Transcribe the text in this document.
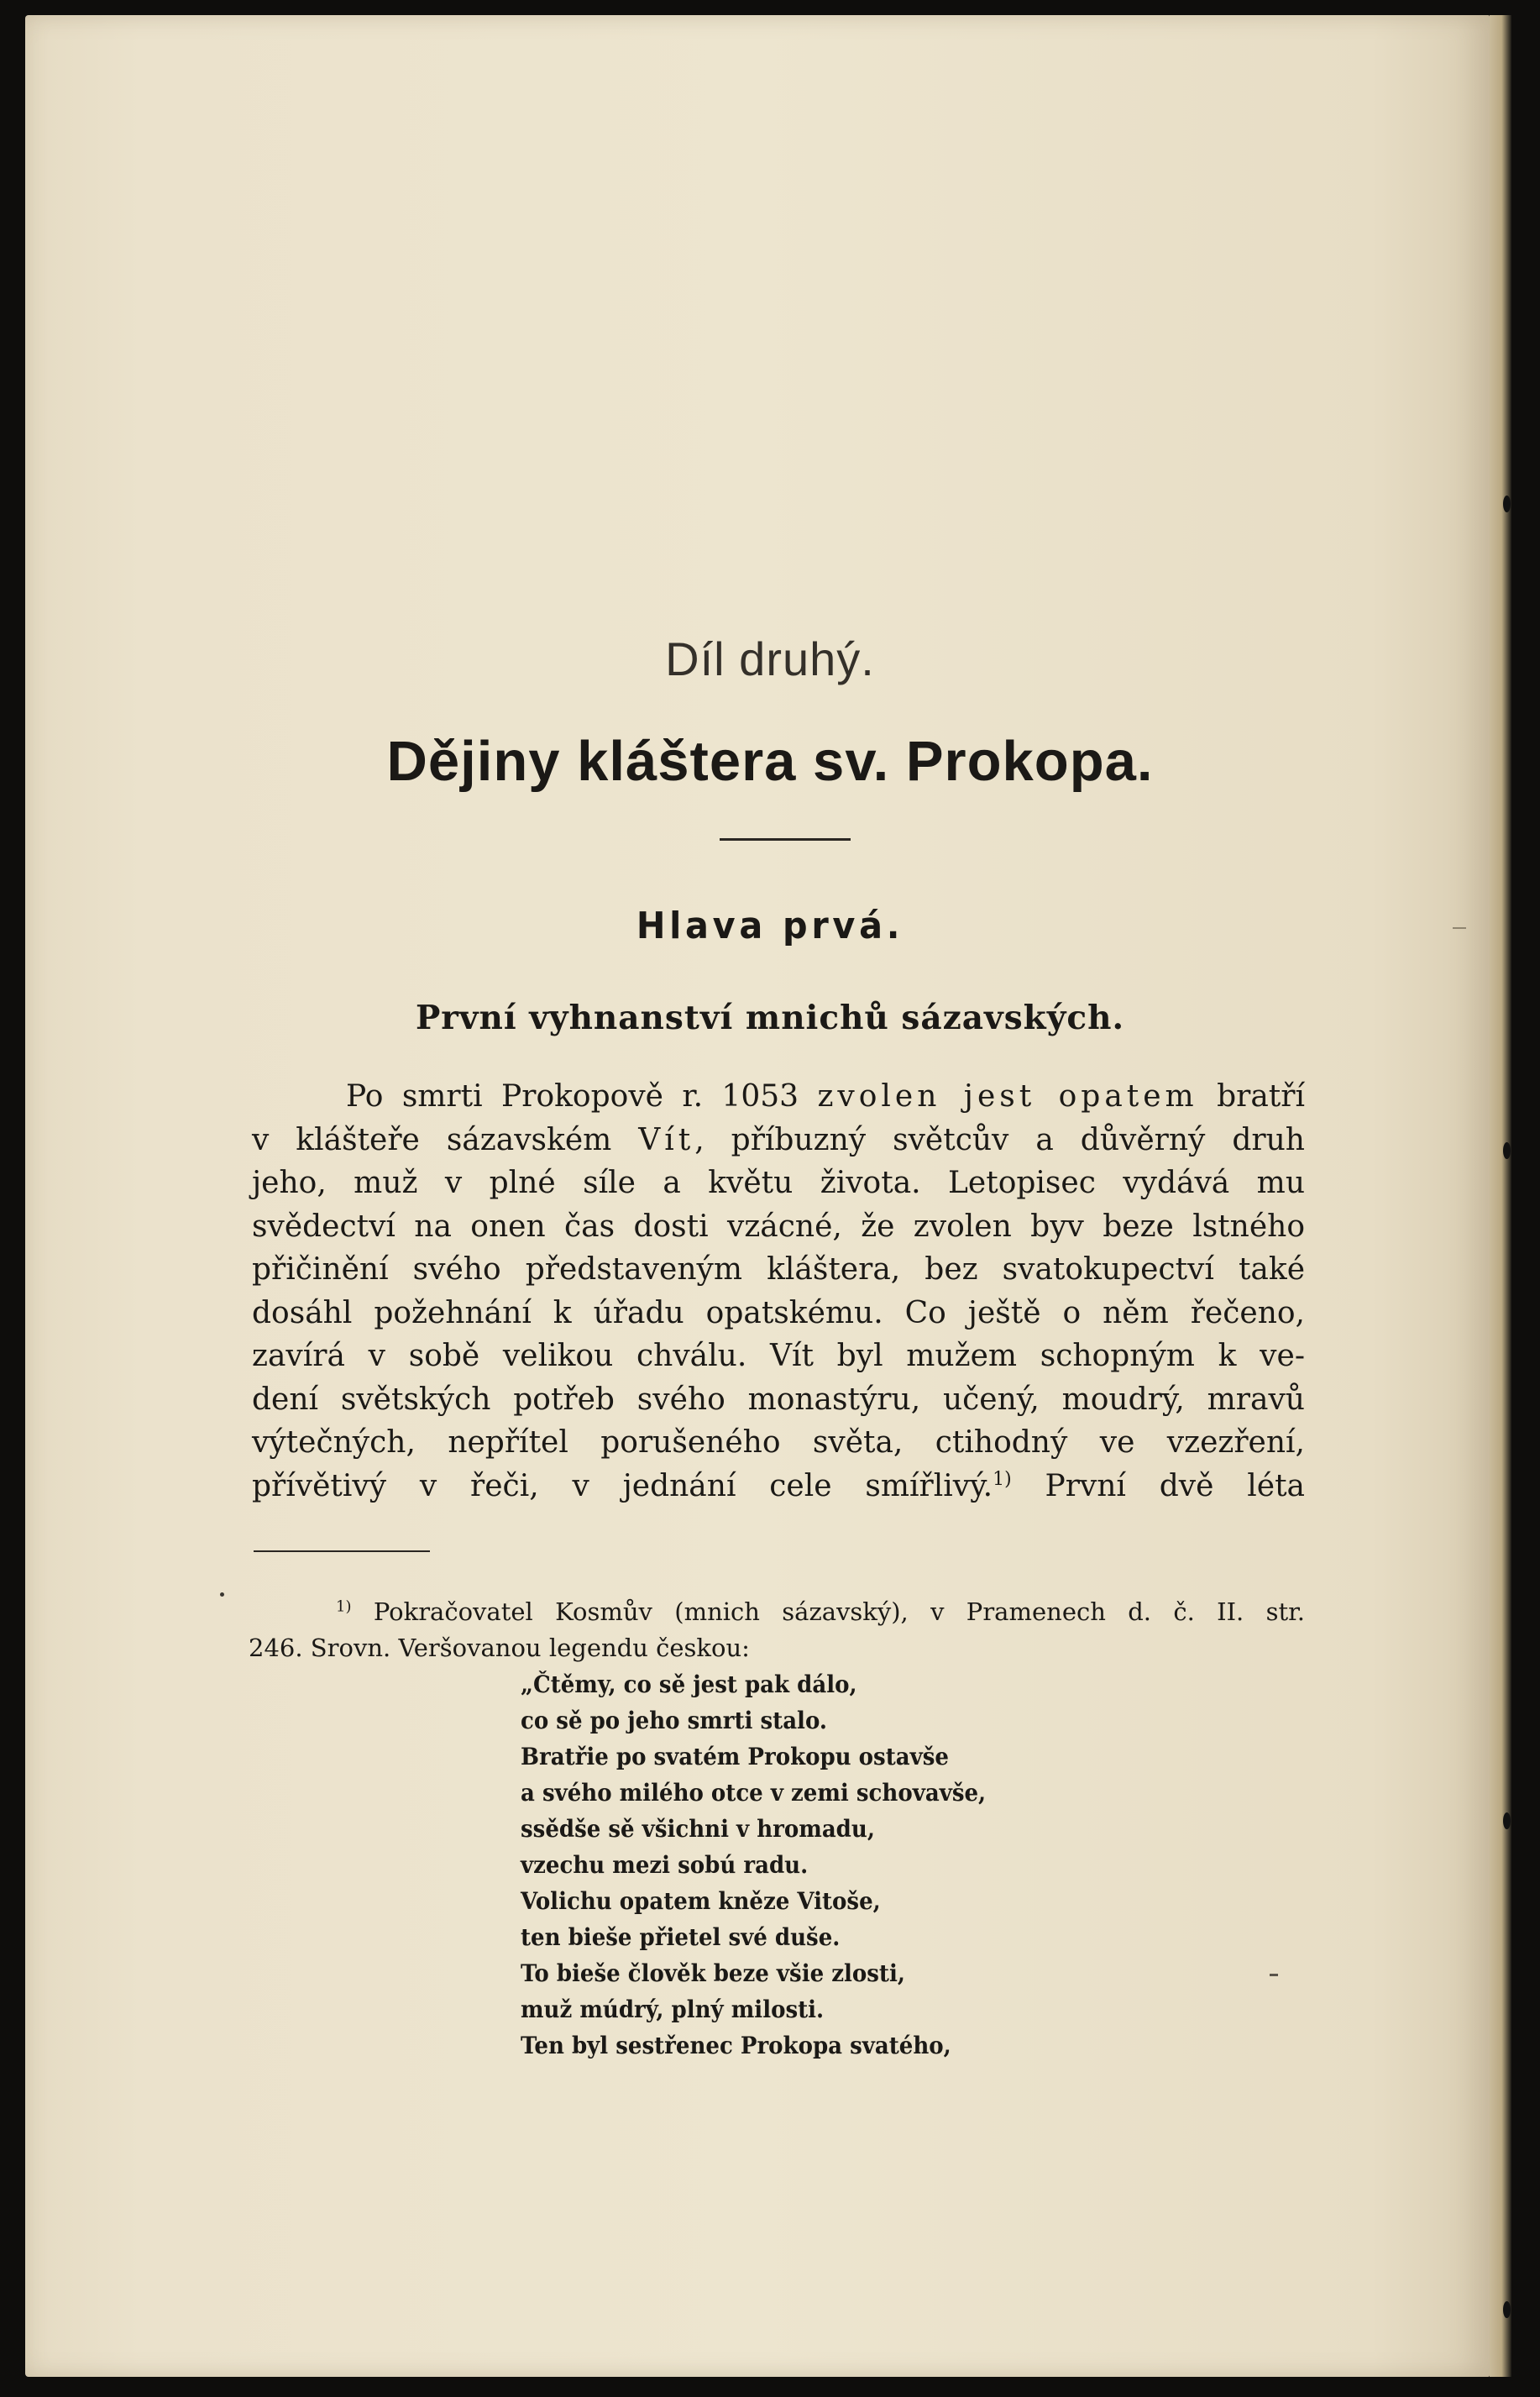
Díl druhý.
Dějiny kláštera sv. Prokopa.
Hlava prvá.
První vyhnanství mnichů sázavských.
Po smrti Prokopově r. 1053 zvolen jest opatem bratří
v klášteře sázavském Vít, příbuzný světcův a důvěrný druh
jeho, muž v plné síle a květu života. Letopisec vydává mu
svědectví na onen čas dosti vzácné, že zvolen byv beze lstného
přičinění svého představeným kláštera, bez svatokupectví také
dosáhl požehnání k úřadu opatskému. Co ještě o něm řečeno,
zavírá v sobě velikou chválu. Vít byl mužem schopným k ve-
dení světských potřeb svého monastýru, učený, moudrý, mravů
výtečných, nepřítel porušeného světa, ctihodný ve vzezření,
přívětivý v řeči, v jednání cele smířlivý.$^{1)}$ První dvě léta
$^{1)}$ Pokračovatel Kosmův (mnich sázavský), v Pramenech d. č. II. str.
246. Srovn. Veršovanou legendu českou:
„Čtěmy, co sě jest pak dálo,
co sě po jeho smrti stalo.
Bratřie po svatém Prokopu ostavše
a svého milého otce v zemi schovavše,
ssědše sě všichni v hromadu,
vzechu mezi sobú radu.
Volichu opatem kněze Vitoše,
ten bieše přietel své duše.
To bieše člověk beze všie zlosti,
muž múdrý, plný milosti.
Ten byl sestřenec Prokopa svatého,
